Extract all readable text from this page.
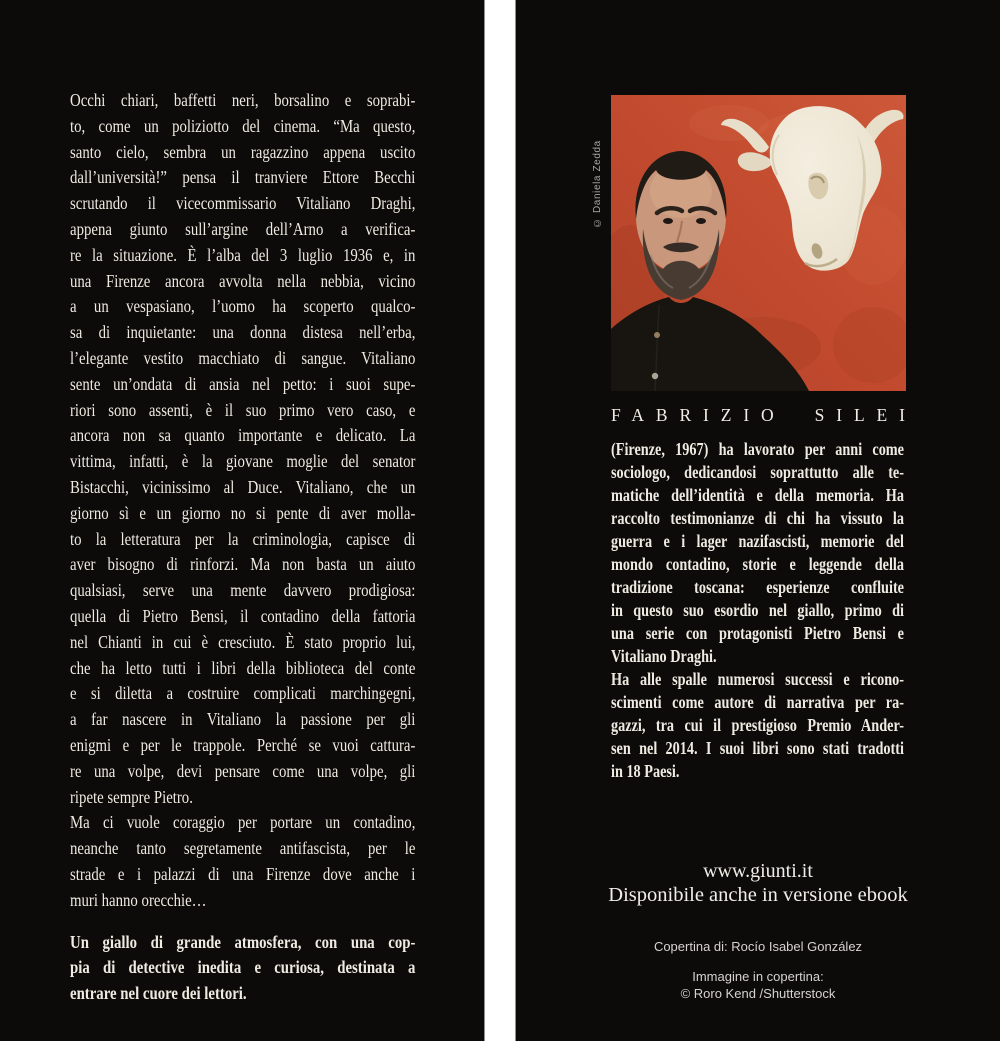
Occhi chiari, baffetti neri, borsalino e soprabi-
to, come un poliziotto del cinema. “Ma questo,
santo cielo, sembra un ragazzino appena uscito
dall’università!” pensa il tranviere Ettore Becchi
scrutando il vicecommissario Vitaliano Draghi,
appena giunto sull’argine dell’Arno a verifica-
re la situazione. È l’alba del 3 luglio 1936 e, in
una Firenze ancora avvolta nella nebbia, vicino
a un vespasiano, l’uomo ha scoperto qualco-
sa di inquietante: una donna distesa nell’erba,
l’elegante vestito macchiato di sangue. Vitaliano
sente un’ondata di ansia nel petto: i suoi supe-
riori sono assenti, è il suo primo vero caso, e
ancora non sa quanto importante e delicato. La
vittima, infatti, è la giovane moglie del senator
Bistacchi, vicinissimo al Duce. Vitaliano, che un
giorno sì e un giorno no si pente di aver molla-
to la letteratura per la criminologia, capisce di
aver bisogno di rinforzi. Ma non basta un aiuto
qualsiasi, serve una mente davvero prodigiosa:
quella di Pietro Bensi, il contadino della fattoria
nel Chianti in cui è cresciuto. È stato proprio lui,
che ha letto tutti i libri della biblioteca del conte
e si diletta a costruire complicati marchingegni,
a far nascere in Vitaliano la passione per gli
enigmi e per le trappole. Perché se vuoi cattura-
re una volpe, devi pensare come una volpe, gli
ripete sempre Pietro.
Ma ci vuole coraggio per portare un contadino,
neanche tanto segretamente antifascista, per le
strade e i palazzi di una Firenze dove anche i
muri hanno orecchie…
Un giallo di grande atmosfera, con una cop-
pia di detective inedita e curiosa, destinata a
entrare nel cuore dei lettori.
© Daniela Zedda
FABRIZIO SILEI
(Firenze, 1967) ha lavorato per anni come
sociologo, dedicandosi soprattutto alle te-
matiche dell’identità e della memoria. Ha
raccolto testimonianze di chi ha vissuto la
guerra e i lager nazifascisti, memorie del
mondo contadino, storie e leggende della
tradizione toscana: esperienze confluite
in questo suo esordio nel giallo, primo di
una serie con protagonisti Pietro Bensi e
Vitaliano Draghi.
Ha alle spalle numerosi successi e ricono-
scimenti come autore di narrativa per ra-
gazzi, tra cui il prestigioso Premio Ander-
sen nel 2014. I suoi libri sono stati tradotti
in 18 Paesi.
www.giunti.it
Disponibile anche in versione ebook
Copertina di: Rocío Isabel González
Immagine in copertina:
© Roro Kend /Shutterstock
